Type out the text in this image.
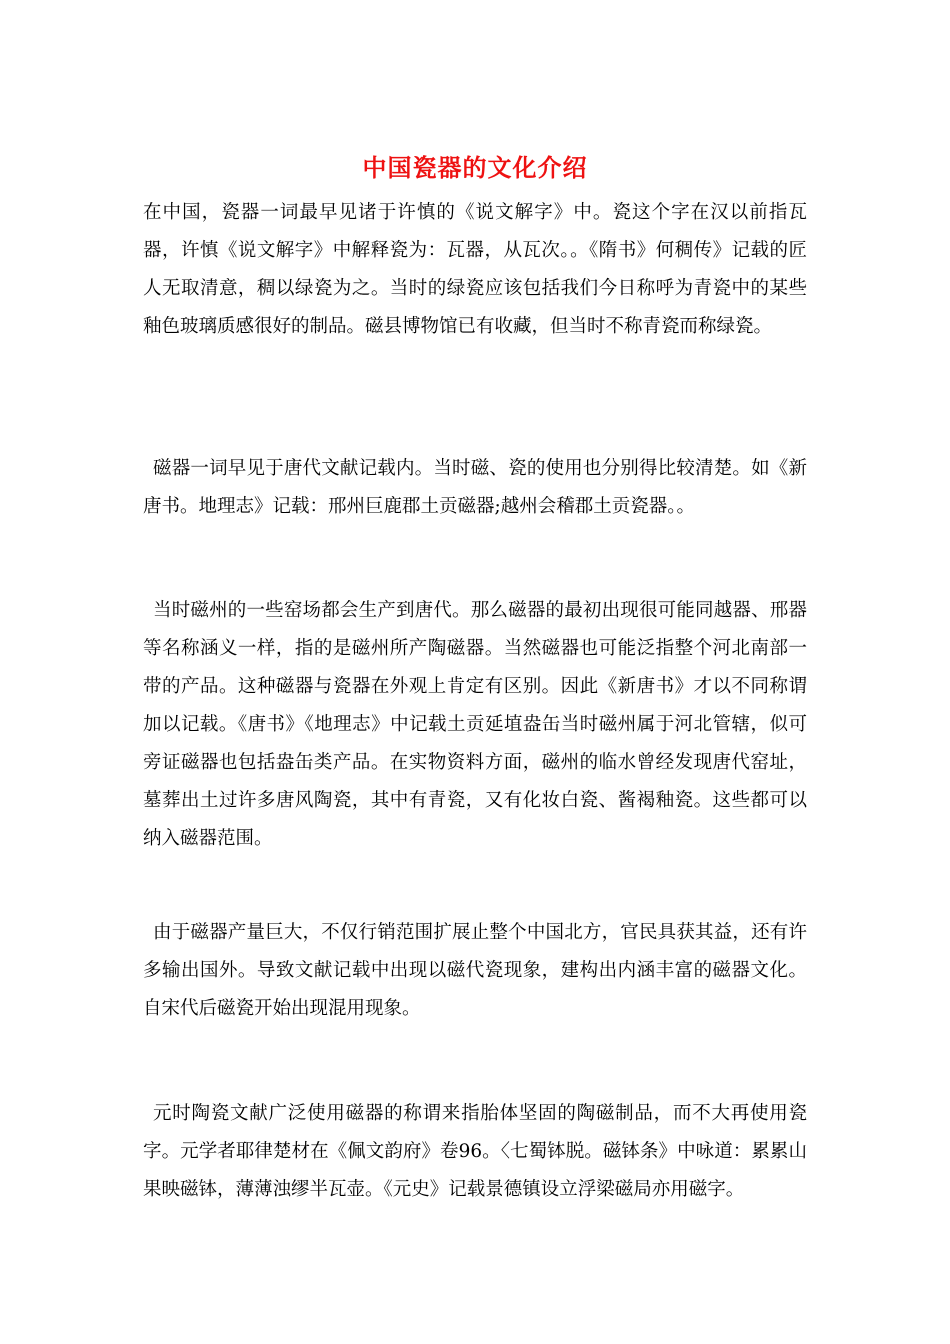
中国瓷器的文化介绍
在中国，瓷器一词最早见诸于许慎的《说文解字》中。瓷这个字在汉以前指瓦器，许慎《说文解字》中解释瓷为：瓦器，从瓦次。。《隋书》何稠传》记载的匠人无取清意，稠以绿瓷为之。当时的绿瓷应该包括我们今日称呼为青瓷中的某些釉色玻璃质感很好的制品。磁县博物馆已有收藏，但当时不称青瓷而称绿瓷。
磁器一词早见于唐代文献记载内。当时磁、瓷的使用也分别得比较清楚。如《新唐书。地理志》记载：邢州巨鹿郡土贡磁器;越州会稽郡土贡瓷器。。
当时磁州的一些窑场都会生产到唐代。那么磁器的最初出现很可能同越器、邢器等名称涵义一样，指的是磁州所产陶磁器。当然磁器也可能泛指整个河北南部一带的产品。这种磁器与瓷器在外观上肯定有区别。因此《新唐书》才以不同称谓加以记载。《唐书》《地理志》中记载土贡延埴盎缶当时磁州属于河北管辖，似可旁证磁器也包括盎缶类产品。在实物资料方面，磁州的临水曾经发现唐代窑址，墓葬出土过许多唐风陶瓷，其中有青瓷，又有化妆白瓷、酱褐釉瓷。这些都可以纳入磁器范围。
由于磁器产量巨大，不仅行销范围扩展止整个中国北方，官民具获其益，还有许多输出国外。导致文献记载中出现以磁代瓷现象，建构出内涵丰富的磁器文化。自宋代后磁瓷开始出现混用现象。
元时陶瓷文献广泛使用磁器的称谓来指胎体坚固的陶磁制品，而不大再使用瓷字。元学者耶律楚材在《佩文韵府》卷96。〈七蜀钵脱。磁钵条》中咏道：累累山果映磁钵，薄薄浊缪半瓦壶。《元史》记载景德镇设立浮梁磁局亦用磁字。
